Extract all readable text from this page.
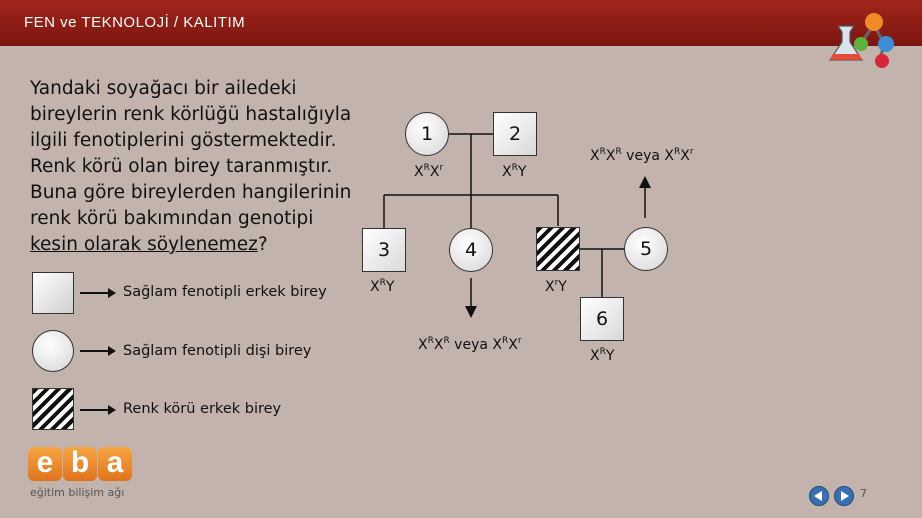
FEN ve TEKNOLOJİ / KALITIM
Yandaki soyağacı bir ailedeki
bireylerin renk körlüğü hastalığıyla
ilgili fenotiplerini göstermektedir.
Renk körü olan birey taranmıştır.
Buna göre bireylerden hangilerinin
renk körü bakımından genotipi
kesin olarak söylenemez?
Sağlam fenotipli erkek birey
Sağlam fenotipli dişi birey
Renk körü erkek birey
1	2
3	4	5
6
$X^RX^r$	$X^RY$
$X^RY$
$X^RX^R$ veya $X^RX^r$
$X^rY$
$X^RX^R$ veya $X^RX^r$
$X^RY$
e b a
eğitim bilişim ağı	7
